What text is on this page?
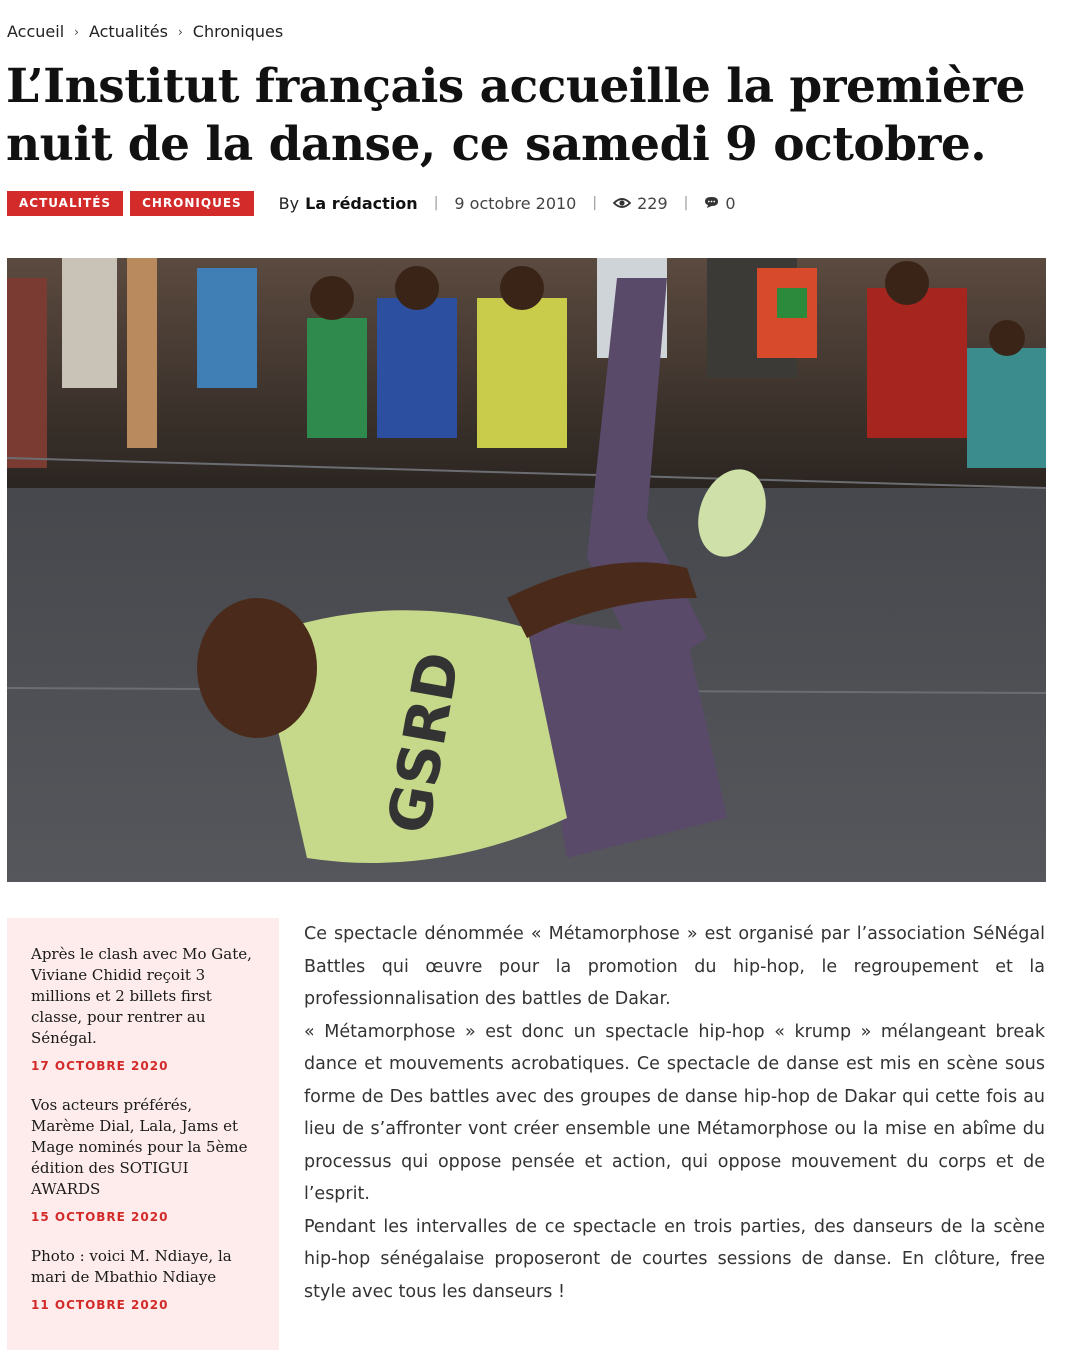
Accueil › Actualités › Chroniques
L’Institut français accueille la première nuit de la danse, ce samedi 9 octobre.
ACTUALITÉS	CHRONIQUES	By La rédaction | 9 octobre 2010 |	229 |	0
GSRD

Après le clash avec Mo Gate, Viviane Chidid reçoit 3 millions et 2 billets first classe, pour rentrer au Sénégal.

17 OCTOBRE 2020

Vos acteurs préférés, Marème Dial, Lala, Jams et Mage nominés pour la 5ème édition des SOTIGUI AWARDS

15 OCTOBRE 2020

Photo : voici M. Ndiaye, la mari de Mbathio Ndiaye

11 OCTOBRE 2020

Ce spectacle dénommée « Métamorphose » est organisé par l’association SéNégal Battles qui œuvre pour la promotion du hip-hop, le regroupement et la professionnalisation des battles de Dakar.

« Métamorphose » est donc un spectacle hip-hop « krump » mélangeant break dance et mouvements acrobatiques. Ce spectacle de danse est mis en scène sous forme de Des battles avec des groupes de danse hip-hop de Dakar qui cette fois au lieu de s’affronter vont créer ensemble une Métamorphose ou la mise en abîme du processus qui oppose pensée et action, qui oppose mouvement du corps et de l’esprit.

Pendant les intervalles de ce spectacle en trois parties, des danseurs de la scène hip-hop sénégalaise proposeront de courtes sessions de danse. En clôture, free style avec tous les danseurs !
